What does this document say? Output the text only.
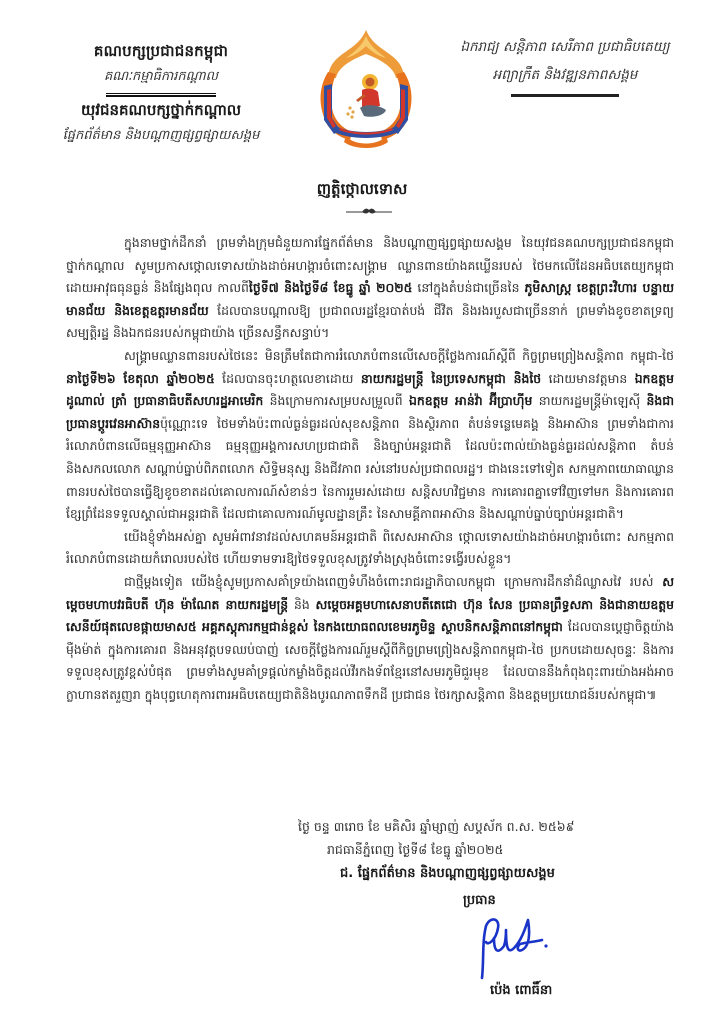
គណបក្សប្រជាជនកម្ពុជា
គណៈកម្មាធិការកណ្តាល
យុវជនគណបក្សថ្នាក់កណ្តាល
ផ្នែកព័ត៌មាន និងបណ្តាញផ្សព្វផ្សាយសង្គម
ឯករាជ្យ សន្តិភាព សេរីភាព ប្រជាធិបតេយ្យ
អព្យាក្រឹត និងវឌ្ឍនភាពសង្គម
ញត្តិថ្កោលទោស

ក្នុងនាមថ្នាក់ដឹកនាំ ព្រមទាំងក្រុមជំនួយការផ្នែកព័ត៌មាន និងបណ្តាញផ្សព្វផ្សាយសង្គម នៃយុវជនគណបក្សប្រជាជនកម្ពុជាថ្នាក់កណ្តាល សូមប្រកាសថ្កោលទោសយ៉ាងដាច់អហង្ការចំពោះសង្គ្រាម ឈ្លានពានយ៉ាងគឃ្លើនរបស់ ថៃមកលើដែនអធិបតេយ្យកម្ពុជា ដោយអាវុធធុនធ្ងន់ និងផ្សែងពុល កាលពីថ្ងៃទី៧ និងថ្ងៃទី៨ ខែធ្នូ ឆ្នាំ ២០២៥ នៅក្នុងតំបន់ជាច្រើននៃ ភូមិសាស្ត្រ ខេត្តព្រះវិហារ បន្ទាយមានជ័យ និងខេត្តឧត្តរមានជ័យ ដែលបានបណ្តាលឱ្យ ប្រជាពលរដ្ឋខ្មែរបាត់បង់ ជីវិត និងរងរបួសជាច្រើននាក់ ព្រមទាំងខូចខាតទ្រព្យសម្បត្តិរដ្ឋ និងឯកជនរបស់កម្ពុជាយ៉ាង ច្រើនសន្ធឹកសន្ធាប់។

សង្គ្រាមឈ្លានពានរបស់ថៃនេះ មិនត្រឹមតែជាការរំលោភបំពានលើសេចក្តីថ្លែងការណ៍ស្តីពី កិច្ចព្រមព្រៀងសន្តិភាព កម្ពុជា-ថៃ នាថ្ងៃទី២៦ ខែតុលា ឆ្នាំ២០២៥ ដែលបានចុះហត្ថលេខាដោយ នាយករដ្ឋមន្ត្រី នៃប្រទេសកម្ពុជា និងថៃ ដោយមានវត្តមាន ឯកឧត្តម ដូណាល់ ត្រាំ ប្រធានាធិបតីសហរដ្ឋអាមេរិក និងក្រោមការសម្របសម្រួលពី ឯកឧត្តម អាន់វ៉ា អ៊ីប្រាហ៊ីម នាយករដ្ឋមន្ត្រីម៉ាឡេស៊ី និងជាប្រធានប្តូរវេនអាស៊ានប៉ុណ្ណោះទេ ថៃមទាំងប៉ះពាល់ធ្ងន់ធ្ងរដល់សុខសន្តិភាព និងស្ថិរភាព តំបន់ទន្លេមេគង្គ និងអាស៊ាន ព្រមទាំងជាការរំលោភបំពានលើធម្មនុញ្ញអាស៊ាន ធម្មនុញ្ញអង្គការសហប្រជាជាតិ និងច្បាប់អន្តរជាតិ ដែលប៉ះពាល់យ៉ាងធ្ងន់ធ្ងរដល់សន្តិភាព តំបន់ និងសកលលោក សណ្តាប់ធ្នាប់ពិភពលោក សិទ្ធិមនុស្ស និងជីវភាព រស់នៅរបស់ប្រជាពលរដ្ឋ។ ជាងនេះទៅទៀត សកម្មភាពយោធាឈ្លានពានរបស់ថៃបានធ្វើឱ្យខូចខាតដល់គោលការណ៍សំខាន់ៗ នៃការរួមរស់ដោយ សន្តិសហវិជ្ជមាន ការគោរពគ្នាទៅវិញទៅមក និងការគោរពខ្សែព្រំដែនទទួលស្គាល់ជាអន្តរជាតិ ដែលជាគោលការណ៍មូលដ្ឋានគ្រឹះ នៃសាមគ្គីភាពអាស៊ាន និងសណ្តាប់ធ្នាប់ច្បាប់អន្តរជាតិ។

យើងខ្ញុំទាំងអស់គ្នា សូមអំពាវនាវដល់សហគមន៍អន្តរជាតិ ពិសេសអាស៊ាន ថ្កោលទោសយ៉ាងដាច់អហង្ការចំពោះ សកម្មភាពរំលោភបំពានដោយកំរោលរបស់ថៃ ហើយទាមទារឱ្យថៃទទួលខុសត្រូវទាំងស្រុងចំពោះទង្វើរបស់ខ្លួន។

ជាថ្មីម្តងទៀត យើងខ្ញុំសូមប្រកាសគាំទ្រយ៉ាងពេញទំហឹងចំពោះរាជរដ្ឋាភិបាលកម្ពុជា ក្រោមការដឹកនាំដ៏ឈ្លាសវៃ របស់ សម្តេចមហាបវរធិបតី ហ៊ុន ម៉ាណែត នាយករដ្ឋមន្ត្រី និង សម្តេចអគ្គមហាសេនាបតីតេជោ ហ៊ុន សែន ប្រធានព្រឹទ្ធសភា និងជានាយឧត្តមសេនីយ៍ផុតលេខផ្កាយមាស៥ អគ្គភស្តុភារកម្មជាន់ខ្ពស់ នៃកងយោធពលខេមរភូមិន្ទ ស្ថាបនិកសន្តិភាពនៅកម្ពុជា ដែលបានប្តេជ្ញាចិត្តយ៉ាងម៉ឺងម៉ាត់ ក្នុងការគោរព និងអនុវត្តបទឈប់បាញ់ សេចក្តីថ្លែងការណ៍រួមស្តីពីកិច្ចព្រមព្រៀងសន្តិភាពកម្ពុជា-ថៃ ប្រកបដោយសុចន្ទៈ និងការទទួលខុសត្រូវខ្ពស់បំផុត ព្រមទាំងសូមគាំទ្រផ្តល់កម្លាំងចិត្តដល់វីរកងទ័ពខ្មែរនៅសមរភូមិជួរមុខ ដែលបាននឹងកំពុងពុះពារយ៉ាងអង់អាចក្លាហានឥតរួញរា ក្នុងបុព្វហេតុការពារអធិបតេយ្យជាតិនិងបូរណភាពទឹកដី ប្រជាជន ថៃរក្សាសន្តិភាព និងឧត្តមប្រយោជន៍របស់កម្ពុជា៕

ថ្ងៃ ចន្ទ ៣រោច ខែ មគិសិរ ឆ្នាំម្សាញ់ សប្តស័ក ព.ស. ២៥៦៩
រាជធានីភ្នំពេញ ថ្ងៃទី៨ ខែធ្នូ ឆ្នាំ២០២៥
ជ. ផ្នែកព័ត៌មាន និងបណ្តាញផ្សព្វផ្សាយសង្គម
ប្រធាន
ប៉េង ពោធិ៍នា
